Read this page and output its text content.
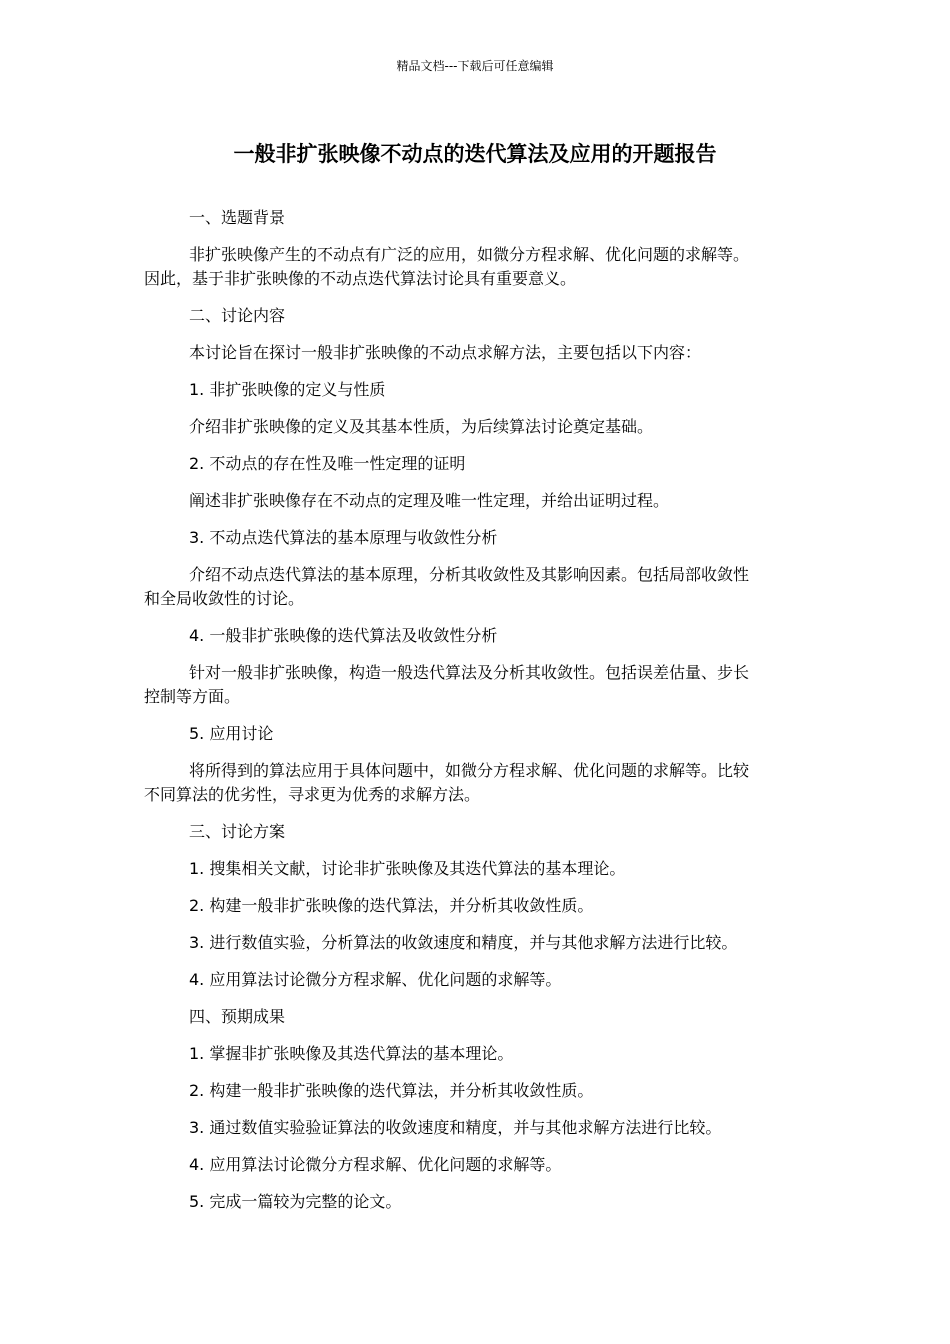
精品文档---下载后可任意编辑
一般非扩张映像不动点的迭代算法及应用的开题报告

一、选题背景

非扩张映像产生的不动点有广泛的应用，如微分方程求解、优化问题的求解等。
因此，基于非扩张映像的不动点迭代算法讨论具有重要意义。

二、讨论内容

本讨论旨在探讨一般非扩张映像的不动点求解方法，主要包括以下内容：

1. 非扩张映像的定义与性质

介绍非扩张映像的定义及其基本性质，为后续算法讨论奠定基础。

2. 不动点的存在性及唯一性定理的证明

阐述非扩张映像存在不动点的定理及唯一性定理，并给出证明过程。

3. 不动点迭代算法的基本原理与收敛性分析

介绍不动点迭代算法的基本原理，分析其收敛性及其影响因素。包括局部收敛性
和全局收敛性的讨论。

4. 一般非扩张映像的迭代算法及收敛性分析

针对一般非扩张映像，构造一般迭代算法及分析其收敛性。包括误差估量、步长
控制等方面。

5. 应用讨论

将所得到的算法应用于具体问题中，如微分方程求解、优化问题的求解等。比较
不同算法的优劣性，寻求更为优秀的求解方法。

三、讨论方案

1. 搜集相关文献，讨论非扩张映像及其迭代算法的基本理论。

2. 构建一般非扩张映像的迭代算法，并分析其收敛性质。

3. 进行数值实验，分析算法的收敛速度和精度，并与其他求解方法进行比较。

4. 应用算法讨论微分方程求解、优化问题的求解等。

四、预期成果

1. 掌握非扩张映像及其迭代算法的基本理论。

2. 构建一般非扩张映像的迭代算法，并分析其收敛性质。

3. 通过数值实验验证算法的收敛速度和精度，并与其他求解方法进行比较。

4. 应用算法讨论微分方程求解、优化问题的求解等。

5. 完成一篇较为完整的论文。
